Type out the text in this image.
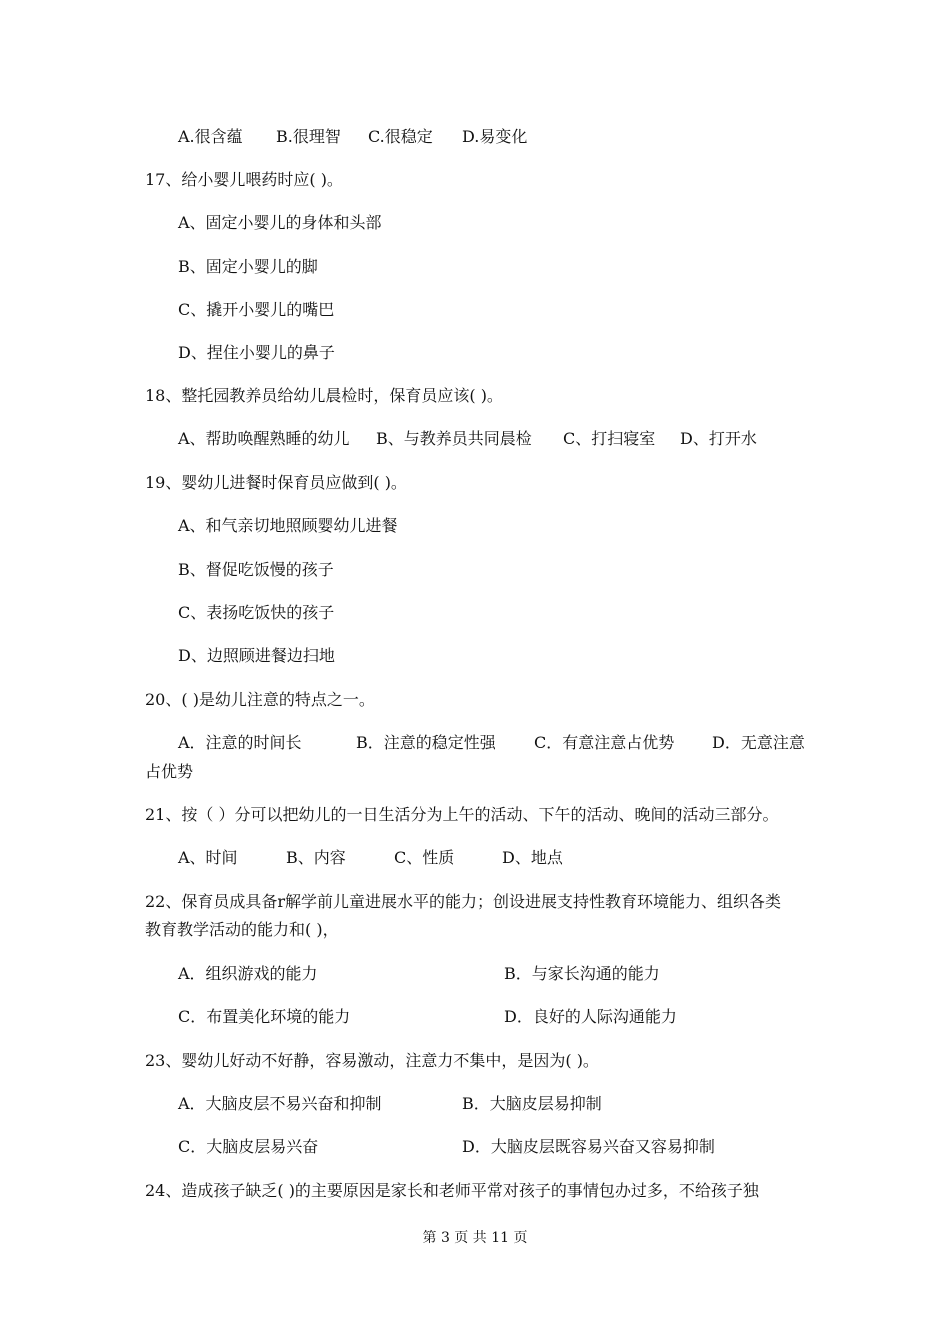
A.很含蕴 B.很理智 C.很稳定 D.易变化
17、给小婴儿喂药时应( )。
A、固定小婴儿的身体和头部
B、固定小婴儿的脚
C、撬开小婴儿的嘴巴
D、捏住小婴儿的鼻子
18、整托园教养员给幼儿晨检时，保育员应该( )。
A、帮助唤醒熟睡的幼儿 B、与教养员共同晨检 C、打扫寝室 D、打开水
19、婴幼儿进餐时保育员应做到( )。
A、和气亲切地照顾婴幼儿进餐
B、督促吃饭慢的孩子
C、表扬吃饭快的孩子
D、边照顾进餐边扫地
20、( )是幼儿注意的特点之一。
A．注意的时间长	B．注意的稳定性强 C．有意注意占优势 D．无意注意
占优势
21、按（ ）分可以把幼儿的一日生活分为上午的活动、下午的活动、晚间的活动三部分。
A、时间	B、内容	C、性质	D、地点
22、保育员成具备r解学前儿童进展水平的能力；创设进展支持性教育环境能力、组织各类
教育教学活动的能力和( )，
A．组织游戏的能力	B．与家长沟通的能力
C．布置美化环境的能力	D．良好的人际沟通能力
23、婴幼儿好动不好静，容易激动，注意力不集中，是因为( )。
A．大脑皮层不易兴奋和抑制	B．大脑皮层易抑制
C．大脑皮层易兴奋	D．大脑皮层既容易兴奋又容易抑制
24、造成孩子缺乏( )的主要原因是家长和老师平常对孩子的事情包办过多，不给孩子独
第 3 页 共 11 页
